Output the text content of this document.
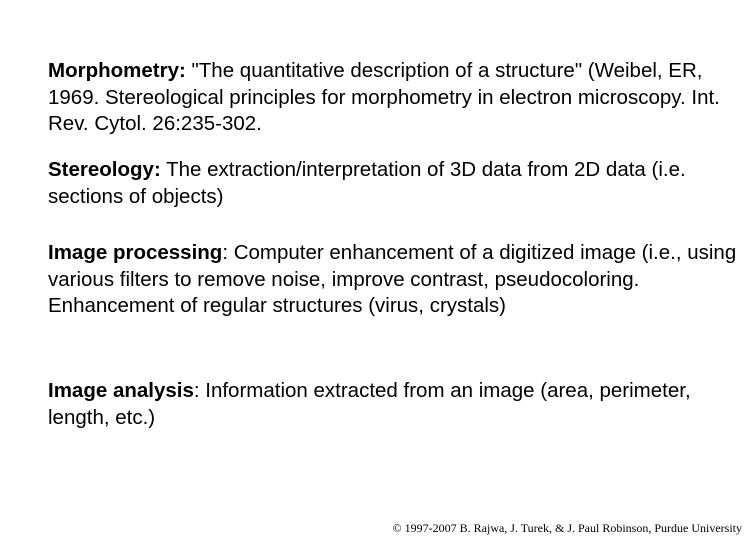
Morphometry: "The quantitative description of a structure" (Weibel, ER, 1969. Stereological principles for morphometry in electron microscopy. Int. Rev. Cytol. 26:235-302.

Stereology: The extraction/interpretation of 3D data from 2D data (i.e. sections of objects)

Image processing: Computer enhancement of a digitized image (i.e., using various filters to remove noise, improve contrast, pseudocoloring. Enhancement of regular structures (virus, crystals)

Image analysis: Information extracted from an image (area, perimeter, length, etc.)

© 1997-2007 B. Rajwa, J. Turek, & J. Paul Robinson, Purdue University
